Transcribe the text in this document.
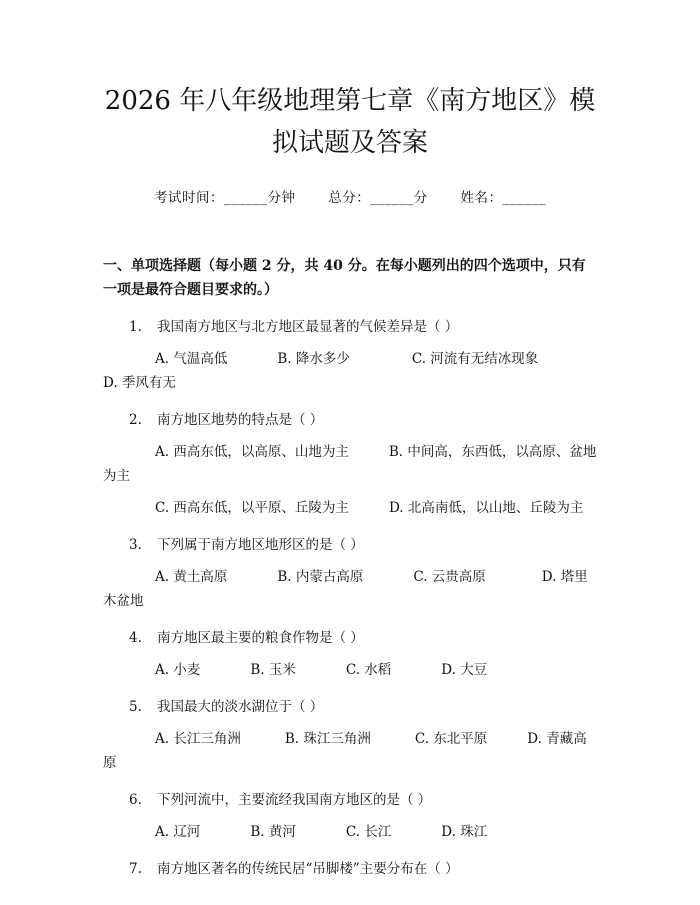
2026 年八年级地理第七章《南方地区》模拟试题及答案
考试时间：______分钟 总分：______分 姓名：______
一、单项选择题（每小题 2 分，共 40 分。在每小题列出的四个选项中，只有一项是最符合题目要求的。）
1. 我国南方地区与北方地区最显著的气候差异是（ ）
A. 气温高低	B. 降水多少	C. 河流有无结冰现象D. 季风有无
2. 南方地区地势的特点是（ ）
A. 西高东低，以高原、山地为主	B. 中间高，东西低，以高原、盆地为主
C. 西高东低，以平原、丘陵为主	D. 北高南低，以山地、丘陵为主
3. 下列属于南方地区地形区的是（ ）
A. 黄土高原	B. 内蒙古高原	C. 云贵高原	D. 塔里木盆地
4. 南方地区最主要的粮食作物是（ ）
A. 小麦	B. 玉米	C. 水稻	D. 大豆
5. 我国最大的淡水湖位于（ ）
A. 长江三角洲	B. 珠江三角洲	C. 东北平原	D. 青藏高原
6. 下列河流中，主要流经我国南方地区的是（ ）
A. 辽河	B. 黄河	C. 长江	D. 珠江
7. 南方地区著名的传统民居“吊脚楼”主要分布在（ ）
